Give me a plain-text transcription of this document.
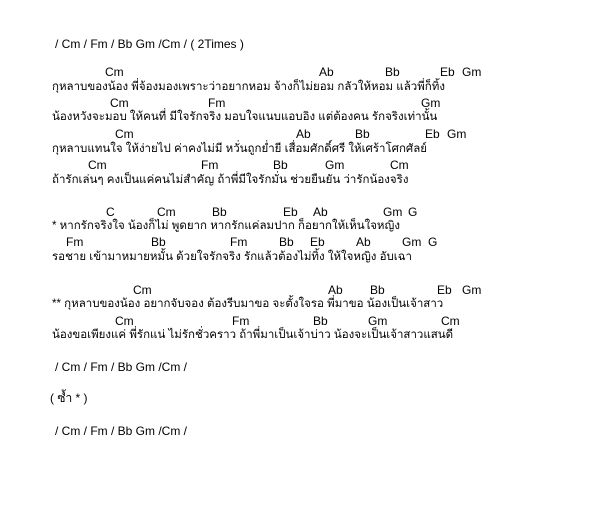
/ Cm / Fm / Bb Gm /Cm / ( 2Times )
Cm	Ab	Bb	Eb Gm
กุหลาบของน้อง พี่จ้องมองเพราะว่าอยากหอม จ้างก็ไม่ยอม กลัวให้หอม แล้วพี่ก็ทิ้ง
Cm	Fm	Gm
น้องหวังจะมอบ ให้คนที่ มีใจรักจริง มอบใจแนบแอบอิง แต่ต้องคน รักจริงเท่านั้น
Cm	Ab	Bb	Eb Gm
กุหลาบแทนใจ ให้ง่ายไป ค่าคงไม่มี หวั่นถูกย่ำยี เสื่อมศักดิ์ศรี ให้เศร้าโศกศัลย์
Cm	Fm	Bb	Gm	Cm
ถ้ารักเล่นๆ คงเป็นแค่คนไม่สำคัญ ถ้าพี่มีใจรักมั่น ช่วยยืนยัน ว่ารักน้องจริง
C	Cm	Bb	Eb Ab	Gm G
* หากรักจริงใจ น้องก็ไม่ พูดยาก หากรักแค่ลมปาก ก็อยากให้เห็นใจหญิง
Fm	Bb	Fm	Bb Eb	Ab	Gm G
รอชาย เข้ามาหมายหมั้น ด้วยใจรักจริง รักแล้วต้องไม่ทิ้ง ให้ใจหญิง อับเฉา
Cm	Ab Bb	Eb Gm
** กุหลาบของน้อง อยากจับจอง ต้องรีบมาขอ จะตั้งใจรอ พี่มาขอ น้องเป็นเจ้าสาว
Cm	Fm	Bb	Gm	Cm
น้องขอเพียงแค่ พี่รักแน่ ไม่รักชั่วคราว ถ้าพี่มาเป็นเจ้าบ่าว น้องจะเป็นเจ้าสาวแสนดี
/ Cm / Fm / Bb Gm /Cm /
( ซ้ำ * )
/ Cm / Fm / Bb Gm /Cm /
